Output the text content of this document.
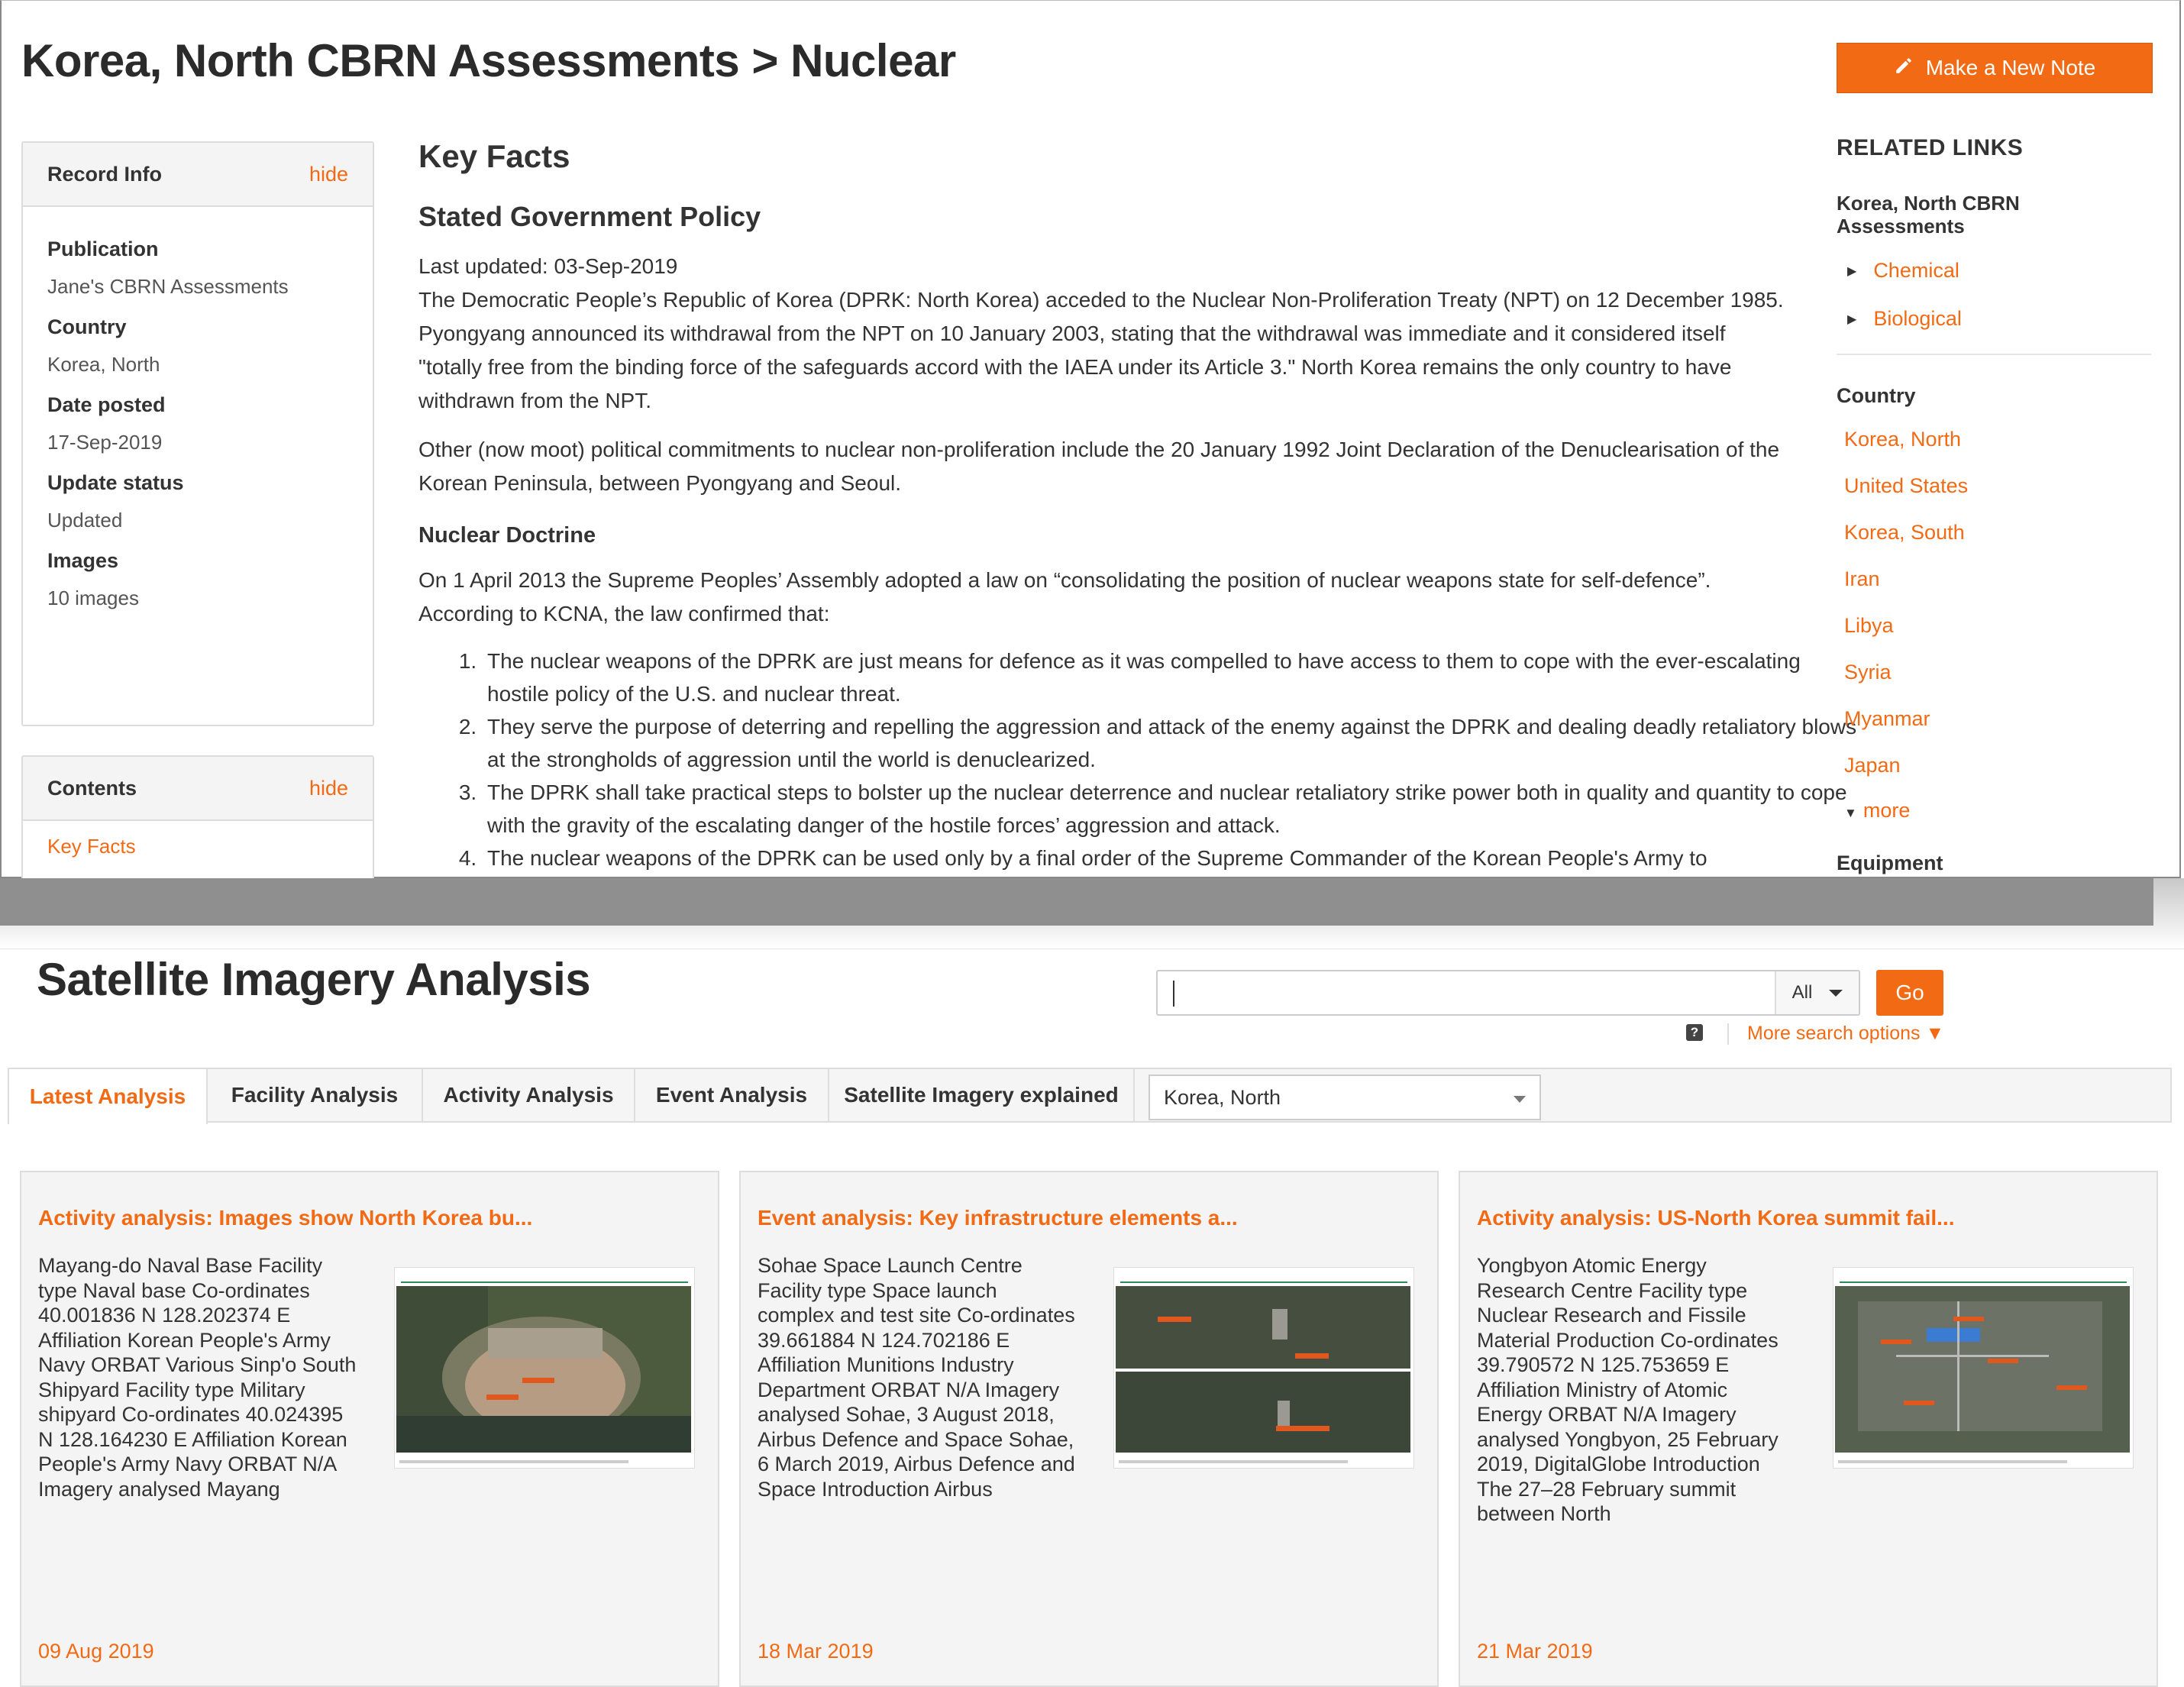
Korea, North CBRN Assessments > Nuclear	Make a New Note
Record Info	hide
Publication
Jane's CBRN Assessments
Country
Korea, North
Date posted
17-Sep-2019
Update status
Updated
Images
10 images
Contents	hide
Key Facts
Key Facts
Stated Government Policy

Last updated: 03-Sep-2019

The Democratic People’s Republic of Korea (DPRK: North Korea) acceded to the Nuclear Non-Proliferation Treaty (NPT) on 12 December 1985. Pyongyang announced its withdrawal from the NPT on 10 January 2003, stating that the withdrawal was immediate and it considered itself "totally free from the binding force of the safeguards accord with the IAEA under its Article 3." North Korea remains the only country to have withdrawn from the NPT.

Other (now moot) political commitments to nuclear non-proliferation include the 20 January 1992 Joint Declaration of the Denuclearisation of the Korean Peninsula, between Pyongyang and Seoul.

Nuclear Doctrine

On 1 April 2013 the Supreme Peoples’ Assembly adopted a law on “consolidating the position of nuclear weapons state for self-defence”. According to KCNA, the law confirmed that:

1. The nuclear weapons of the DPRK are just means for defence as it was compelled to have access to them to cope with the ever-escalating hostile policy of the U.S. and nuclear threat.
2. They serve the purpose of deterring and repelling the aggression and attack of the enemy against the DPRK and dealing deadly retaliatory blows at the strongholds of aggression until the world is denuclearized.
3. The DPRK shall take practical steps to bolster up the nuclear deterrence and nuclear retaliatory strike power both in quality and quantity to cope with the gravity of the escalating danger of the hostile forces’ aggression and attack.
4. The nuclear weapons of the DPRK can be used only by a final order of the Supreme Commander of the Korean People's Army to
RELATED LINKS
Korea, North CBRN Assessments
▶ Chemical
▶ Biological
Country
Korea, North
United States
Korea, South
Iran
Libya
Syria
Myanmar
Japan
▼ more
Equipment
Satellite Imagery Analysis	All	Go
?	More search options ▼
Latest Analysis	Facility Analysis	Activity Analysis	Event Analysis	Satellite Imagery explained	Korea, North
Activity analysis: Images show North Korea bu...
Mayang-do Naval Base Facility type Naval base Co-ordinates 40.001836 N 128.202374 E Affiliation Korean People's Army Navy ORBAT Various Sinp'o South Shipyard Facility type Military shipyard Co-ordinates 40.024395 N 128.164230 E Affiliation Korean People's Army Navy ORBAT N/A Imagery analysed Mayang
09 Aug 2019
Event analysis: Key infrastructure elements a...
Sohae Space Launch Centre Facility type Space launch complex and test site Co-ordinates 39.661884 N 124.702186 E Affiliation Munitions Industry Department ORBAT N/A Imagery analysed Sohae, 3 August 2018, Airbus Defence and Space Sohae, 6 March 2019, Airbus Defence and Space Introduction Airbus
18 Mar 2019
Activity analysis: US-North Korea summit fail...
Yongbyon Atomic Energy Research Centre Facility type Nuclear Research and Fissile Material Production Co-ordinates 39.790572 N 125.753659 E Affiliation Ministry of Atomic Energy ORBAT N/A Imagery analysed Yongbyon, 25 February 2019, DigitalGlobe Introduction The 27–28 February summit between North
21 Mar 2019
